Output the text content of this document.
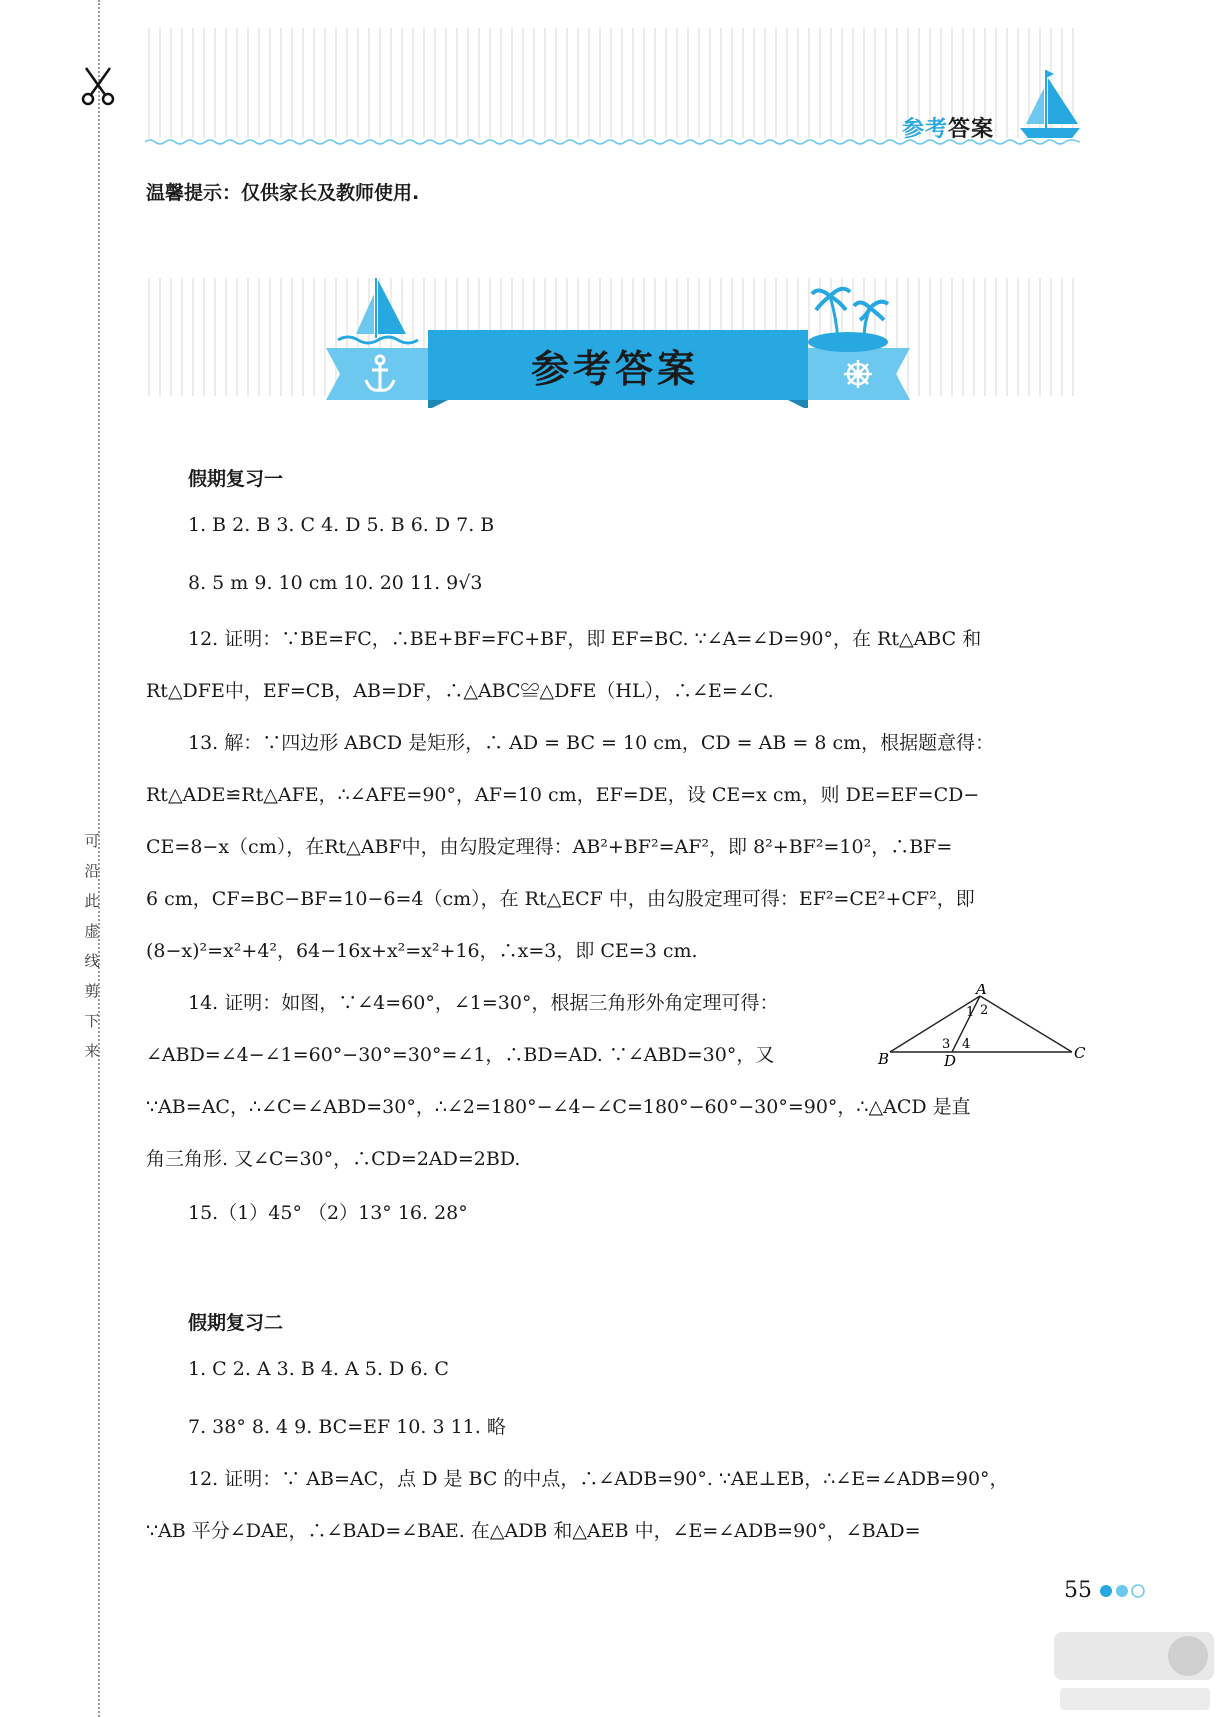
可
沿
此
虚
线
剪
下
来
参考答案
温馨提示：仅供家长及教师使用.
参考答案
假期复习一
1. B 2. B 3. C 4. D 5. B 6. D 7. B
8. 5 m 9. 10 cm 10. 20 11. 9√3
12. 证明：∵BE=FC，∴BE+BF=FC+BF，即 EF=BC. ∵∠A=∠D=90°，在 Rt△ABC 和
Rt△DFE中，EF=CB，AB=DF，∴△ABC≌△DFE（HL），∴∠E=∠C.
13. 解：∵四边形 ABCD 是矩形，∴ AD = BC = 10 cm，CD = AB = 8 cm，根据题意得：
Rt△ADE≌Rt△AFE，∴∠AFE=90°，AF=10 cm，EF=DE，设 CE=x cm，则 DE=EF=CD−
CE=8−x（cm），在Rt△ABF中，由勾股定理得：AB²+BF²=AF²，即 8²+BF²=10²，∴BF=
6 cm，CF=BC−BF=10−6=4（cm），在 Rt△ECF 中，由勾股定理可得：EF²=CE²+CF²，即
(8−x)²=x²+4²，64−16x+x²=x²+16，∴x=3，即 CE=3 cm.
14. 证明：如图，∵∠4=60°，∠1=30°，根据三角形外角定理可得：
∠ABD=∠4−∠1=60°−30°=30°=∠1，∴BD=AD. ∵∠ABD=30°，又
∵AB=AC，∴∠C=∠ABD=30°，∴∠2=180°−∠4−∠C=180°−60°−30°=90°，∴△ACD 是直
角三角形. 又∠C=30°，∴CD=2AD=2BD.
15.（1）45° （2）13° 16. 28°
A
B	C
D
1 2
3 4
假期复习二
1. C 2. A 3. B 4. A 5. D 6. C
7. 38° 8. 4 9. BC=EF 10. 3 11. 略
12. 证明：∵ AB=AC，点 D 是 BC 的中点，∴∠ADB=90°. ∵AE⊥EB，∴∠E=∠ADB=90°，
∵AB 平分∠DAE，∴∠BAD=∠BAE. 在△ADB 和△AEB 中，∠E=∠ADB=90°，∠BAD=
55
